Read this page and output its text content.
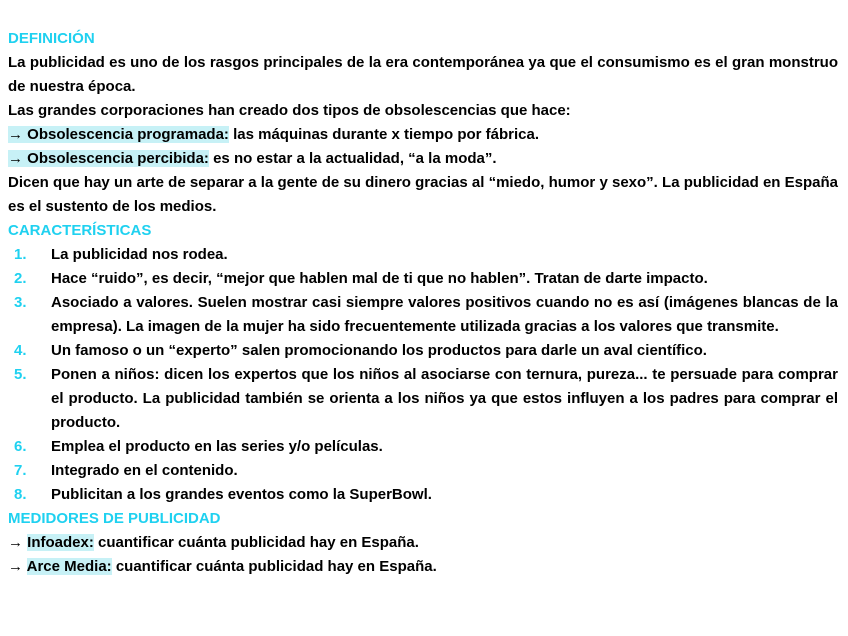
DEFINICIÓN

La publicidad es uno de los rasgos principales de la era contemporánea ya que el consumismo es el gran monstruo de nuestra época.

Las grandes corporaciones han creado dos tipos de obsolescencias que hace:

→ Obsolescencia programada: las máquinas durante x tiempo por fábrica.
→ Obsolescencia percibida: es no estar a la actualidad, “a la moda”.

Dicen que hay un arte de separar a la gente de su dinero gracias al “miedo, humor y sexo”. La publicidad en España es el sustento de los medios.

CARACTERÍSTICAS
1. La publicidad nos rodea.
2. Hace “ruido”, es decir, “mejor que hablen mal de ti que no hablen”. Tratan de darte impacto.
3. Asociado a valores. Suelen mostrar casi siempre valores positivos cuando no es así (imágenes blancas de la empresa). La imagen de la mujer ha sido frecuentemente utilizada gracias a los valores que transmite.
4. Un famoso o un “experto” salen promocionando los productos para darle un aval científico.
5. Ponen a niños: dicen los expertos que los niños al asociarse con ternura, pureza... te persuade para comprar el producto. La publicidad también se orienta a los niños ya que estos influyen a los padres para comprar el producto.
6. Emplea el producto en las series y/o películas.
7. Integrado en el contenido.
8. Publicitan a los grandes eventos como la SuperBowl.
MEDIDORES DE PUBLICIDAD
→ Infoadex: cuantificar cuánta publicidad hay en España.
→ Arce Media: cuantificar cuánta publicidad hay en España.
